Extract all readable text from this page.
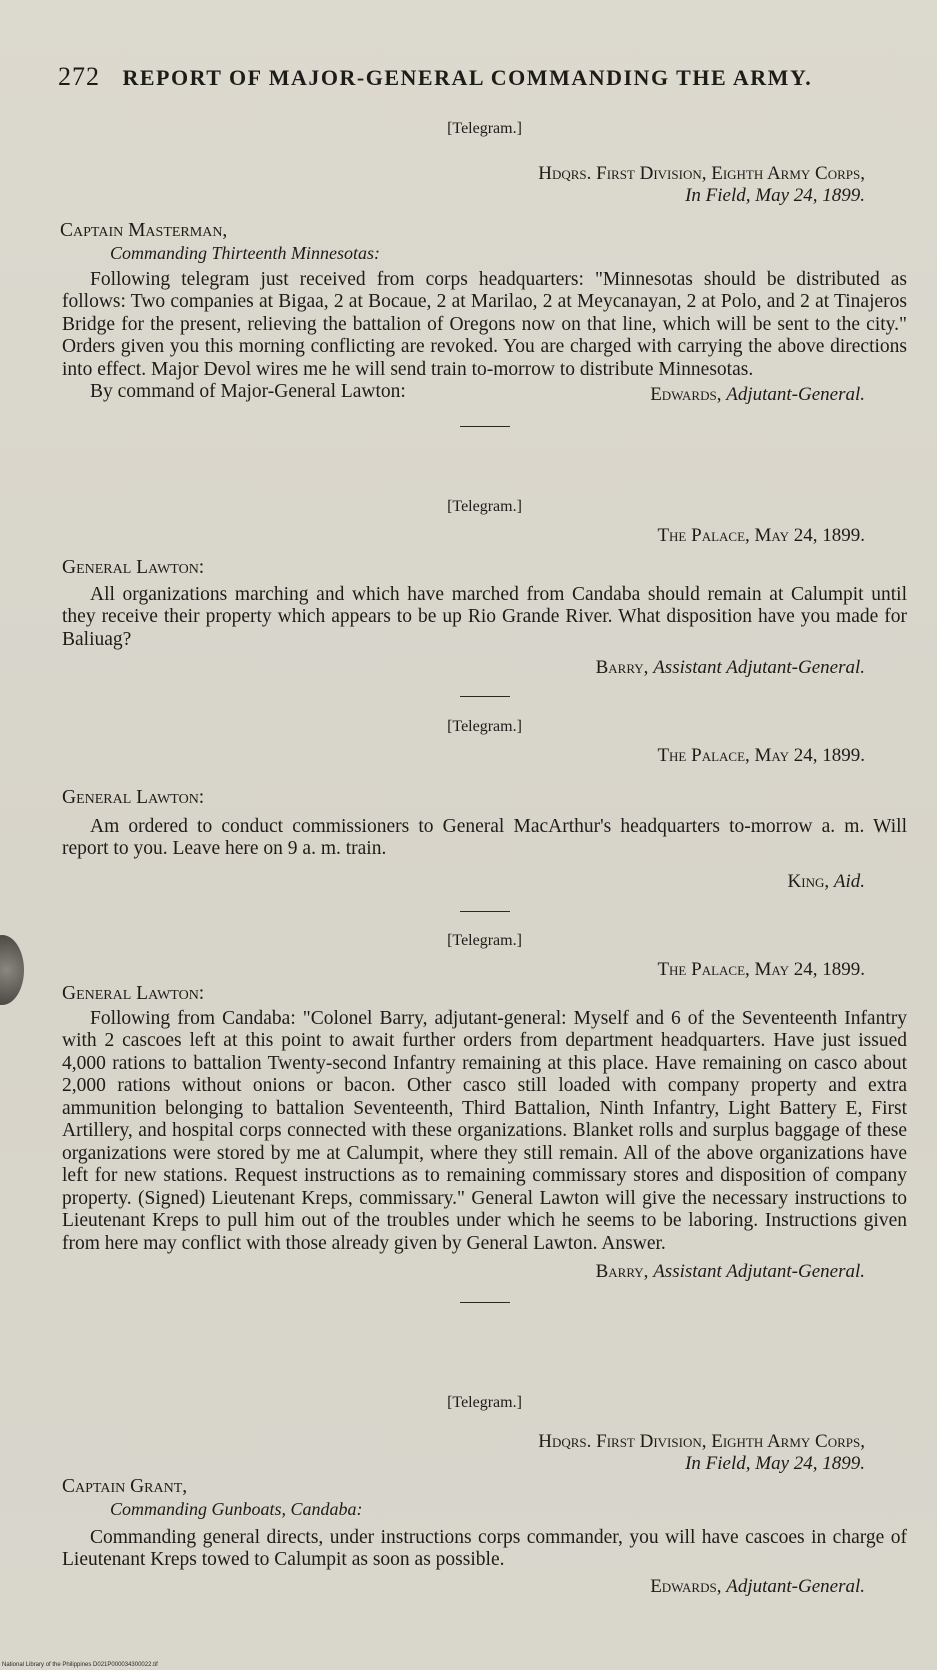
272 REPORT OF MAJOR-GENERAL COMMANDING THE ARMY.
[Telegram.]
Hdqrs. First Division, Eighth Army Corps,
In Field, May 24, 1899.
Captain Masterman,
Commanding Thirteenth Minnesotas:

Following telegram just received from corps headquarters: "Minnesotas should be distributed as follows: Two companies at Bigaa, 2 at Bocaue, 2 at Marilao, 2 at Meycanayan, 2 at Polo, and 2 at Tinajeros Bridge for the present, relieving the battalion of Oregons now on that line, which will be sent to the city." Orders given you this morning conflicting are revoked. You are charged with carrying the above directions into effect. Major Devol wires me he will send train to-morrow to distribute Minnesotas.

By command of Major-General Lawton:	Edwards, Adjutant-General.
[Telegram.]
The Palace, May 24, 1899.
General Lawton:

All organizations marching and which have marched from Candaba should remain at Calumpit until they receive their property which appears to be up Rio Grande River. What disposition have you made for Baliuag?

Barry, Assistant Adjutant-General.
[Telegram.]
The Palace, May 24, 1899.
General Lawton:

Am ordered to conduct commissioners to General MacArthur's headquarters to-morrow a. m. Will report to you. Leave here on 9 a. m. train.

King, Aid.
[Telegram.]
The Palace, May 24, 1899.
General Lawton:

Following from Candaba: "Colonel Barry, adjutant-general: Myself and 6 of the Seventeenth Infantry with 2 cascoes left at this point to await further orders from department headquarters. Have just issued 4,000 rations to battalion Twenty-second Infantry remaining at this place. Have remaining on casco about 2,000 rations without onions or bacon. Other casco still loaded with company property and extra ammunition belonging to battalion Seventeenth, Third Battalion, Ninth Infantry, Light Battery E, First Artillery, and hospital corps connected with these organizations. Blanket rolls and surplus baggage of these organizations were stored by me at Calumpit, where they still remain. All of the above organizations have left for new stations. Request instructions as to remaining commissary stores and disposition of company property. (Signed) Lieutenant Kreps, commissary." General Lawton will give the necessary instructions to Lieutenant Kreps to pull him out of the troubles under which he seems to be laboring. Instructions given from here may conflict with those already given by General Lawton. Answer.

Barry, Assistant Adjutant-General.
[Telegram.]
Hdqrs. First Division, Eighth Army Corps,
In Field, May 24, 1899.
Captain Grant,
Commanding Gunboats, Candaba:

Commanding general directs, under instructions corps commander, you will have cascoes in charge of Lieutenant Kreps towed to Calumpit as soon as possible.

Edwards, Adjutant-General.
National Library of the Philippines D021P000034300022.tif
